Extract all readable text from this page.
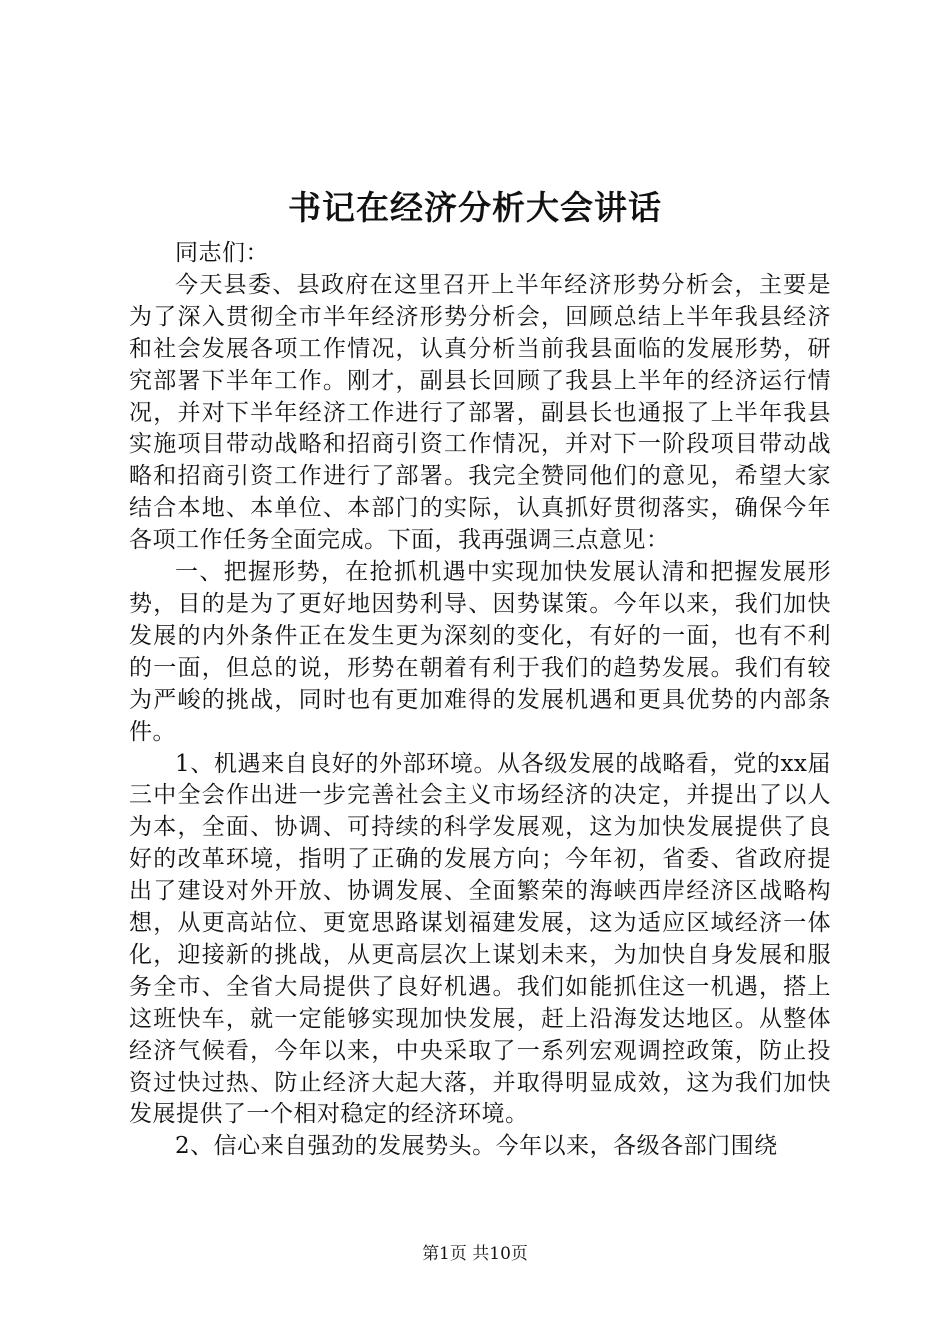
书记在经济分析大会讲话

同志们：

今天县委、县政府在这里召开上半年经济形势分析会，主要是为了深入贯彻全市半年经济形势分析会，回顾总结上半年我县经济和社会发展各项工作情况，认真分析当前我县面临的发展形势，研究部署下半年工作。刚才，副县长回顾了我县上半年的经济运行情况，并对下半年经济工作进行了部署，副县长也通报了上半年我县实施项目带动战略和招商引资工作情况，并对下一阶段项目带动战略和招商引资工作进行了部署。我完全赞同他们的意见，希望大家结合本地、本单位、本部门的实际，认真抓好贯彻落实，确保今年各项工作任务全面完成。下面，我再强调三点意见：

一、把握形势，在抢抓机遇中实现加快发展认清和把握发展形势，目的是为了更好地因势利导、因势谋策。今年以来，我们加快发展的内外条件正在发生更为深刻的变化，有好的一面，也有不利的一面，但总的说，形势在朝着有利于我们的趋势发展。我们有较为严峻的挑战，同时也有更加难得的发展机遇和更具优势的内部条件。

1、机遇来自良好的外部环境。从各级发展的战略看，党的xx届三中全会作出进一步完善社会主义市场经济的决定，并提出了以人为本，全面、协调、可持续的科学发展观，这为加快发展提供了良好的改革环境，指明了正确的发展方向；今年初，省委、省政府提出了建设对外开放、协调发展、全面繁荣的海峡西岸经济区战略构想，从更高站位、更宽思路谋划福建发展，这为适应区域经济一体化，迎接新的挑战，从更高层次上谋划未来，为加快自身发展和服务全市、全省大局提供了良好机遇。我们如能抓住这一机遇，搭上这班快车，就一定能够实现加快发展，赶上沿海发达地区。从整体经济气候看，今年以来，中央采取了一系列宏观调控政策，防止投资过快过热、防止经济大起大落，并取得明显成效，这为我们加快发展提供了一个相对稳定的经济环境。

2、信心来自强劲的发展势头。今年以来，各级各部门围绕

第1页 共10页
